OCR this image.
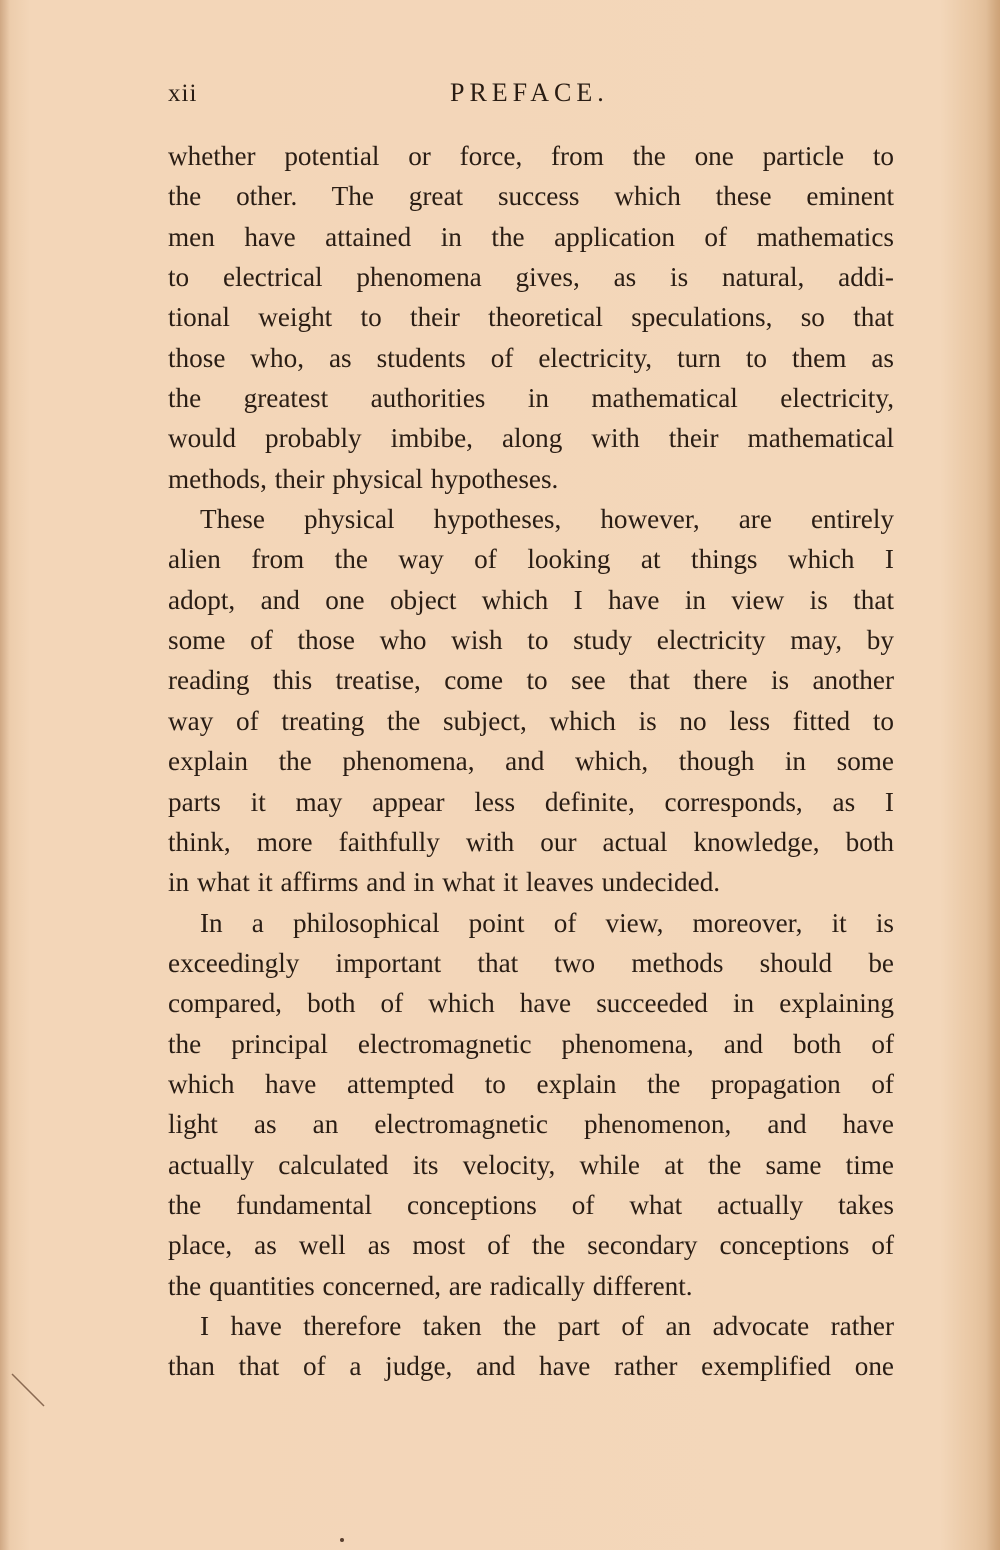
xii	PREFACE.

whether potential or force, from the one particle to

the other. The great success which these eminent

men have attained in the application of mathematics

to electrical phenomena gives, as is natural, addi-

tional weight to their theoretical speculations, so that

those who, as students of electricity, turn to them as

the greatest authorities in mathematical electricity,

would probably imbibe, along with their mathematical

methods, their physical hypotheses.

These physical hypotheses, however, are entirely

alien from the way of looking at things which I

adopt, and one object which I have in view is that

some of those who wish to study electricity may, by

reading this treatise, come to see that there is another

way of treating the subject, which is no less fitted to

explain the phenomena, and which, though in some

parts it may appear less definite, corresponds, as I

think, more faithfully with our actual knowledge, both

in what it affirms and in what it leaves undecided.

In a philosophical point of view, moreover, it is

exceedingly important that two methods should be

compared, both of which have succeeded in explaining

the principal electromagnetic phenomena, and both of

which have attempted to explain the propagation of

light as an electromagnetic phenomenon, and have

actually calculated its velocity, while at the same time

the fundamental conceptions of what actually takes

place, as well as most of the secondary conceptions of

the quantities concerned, are radically different.

I have therefore taken the part of an advocate rather

than that of a judge, and have rather exemplified one
